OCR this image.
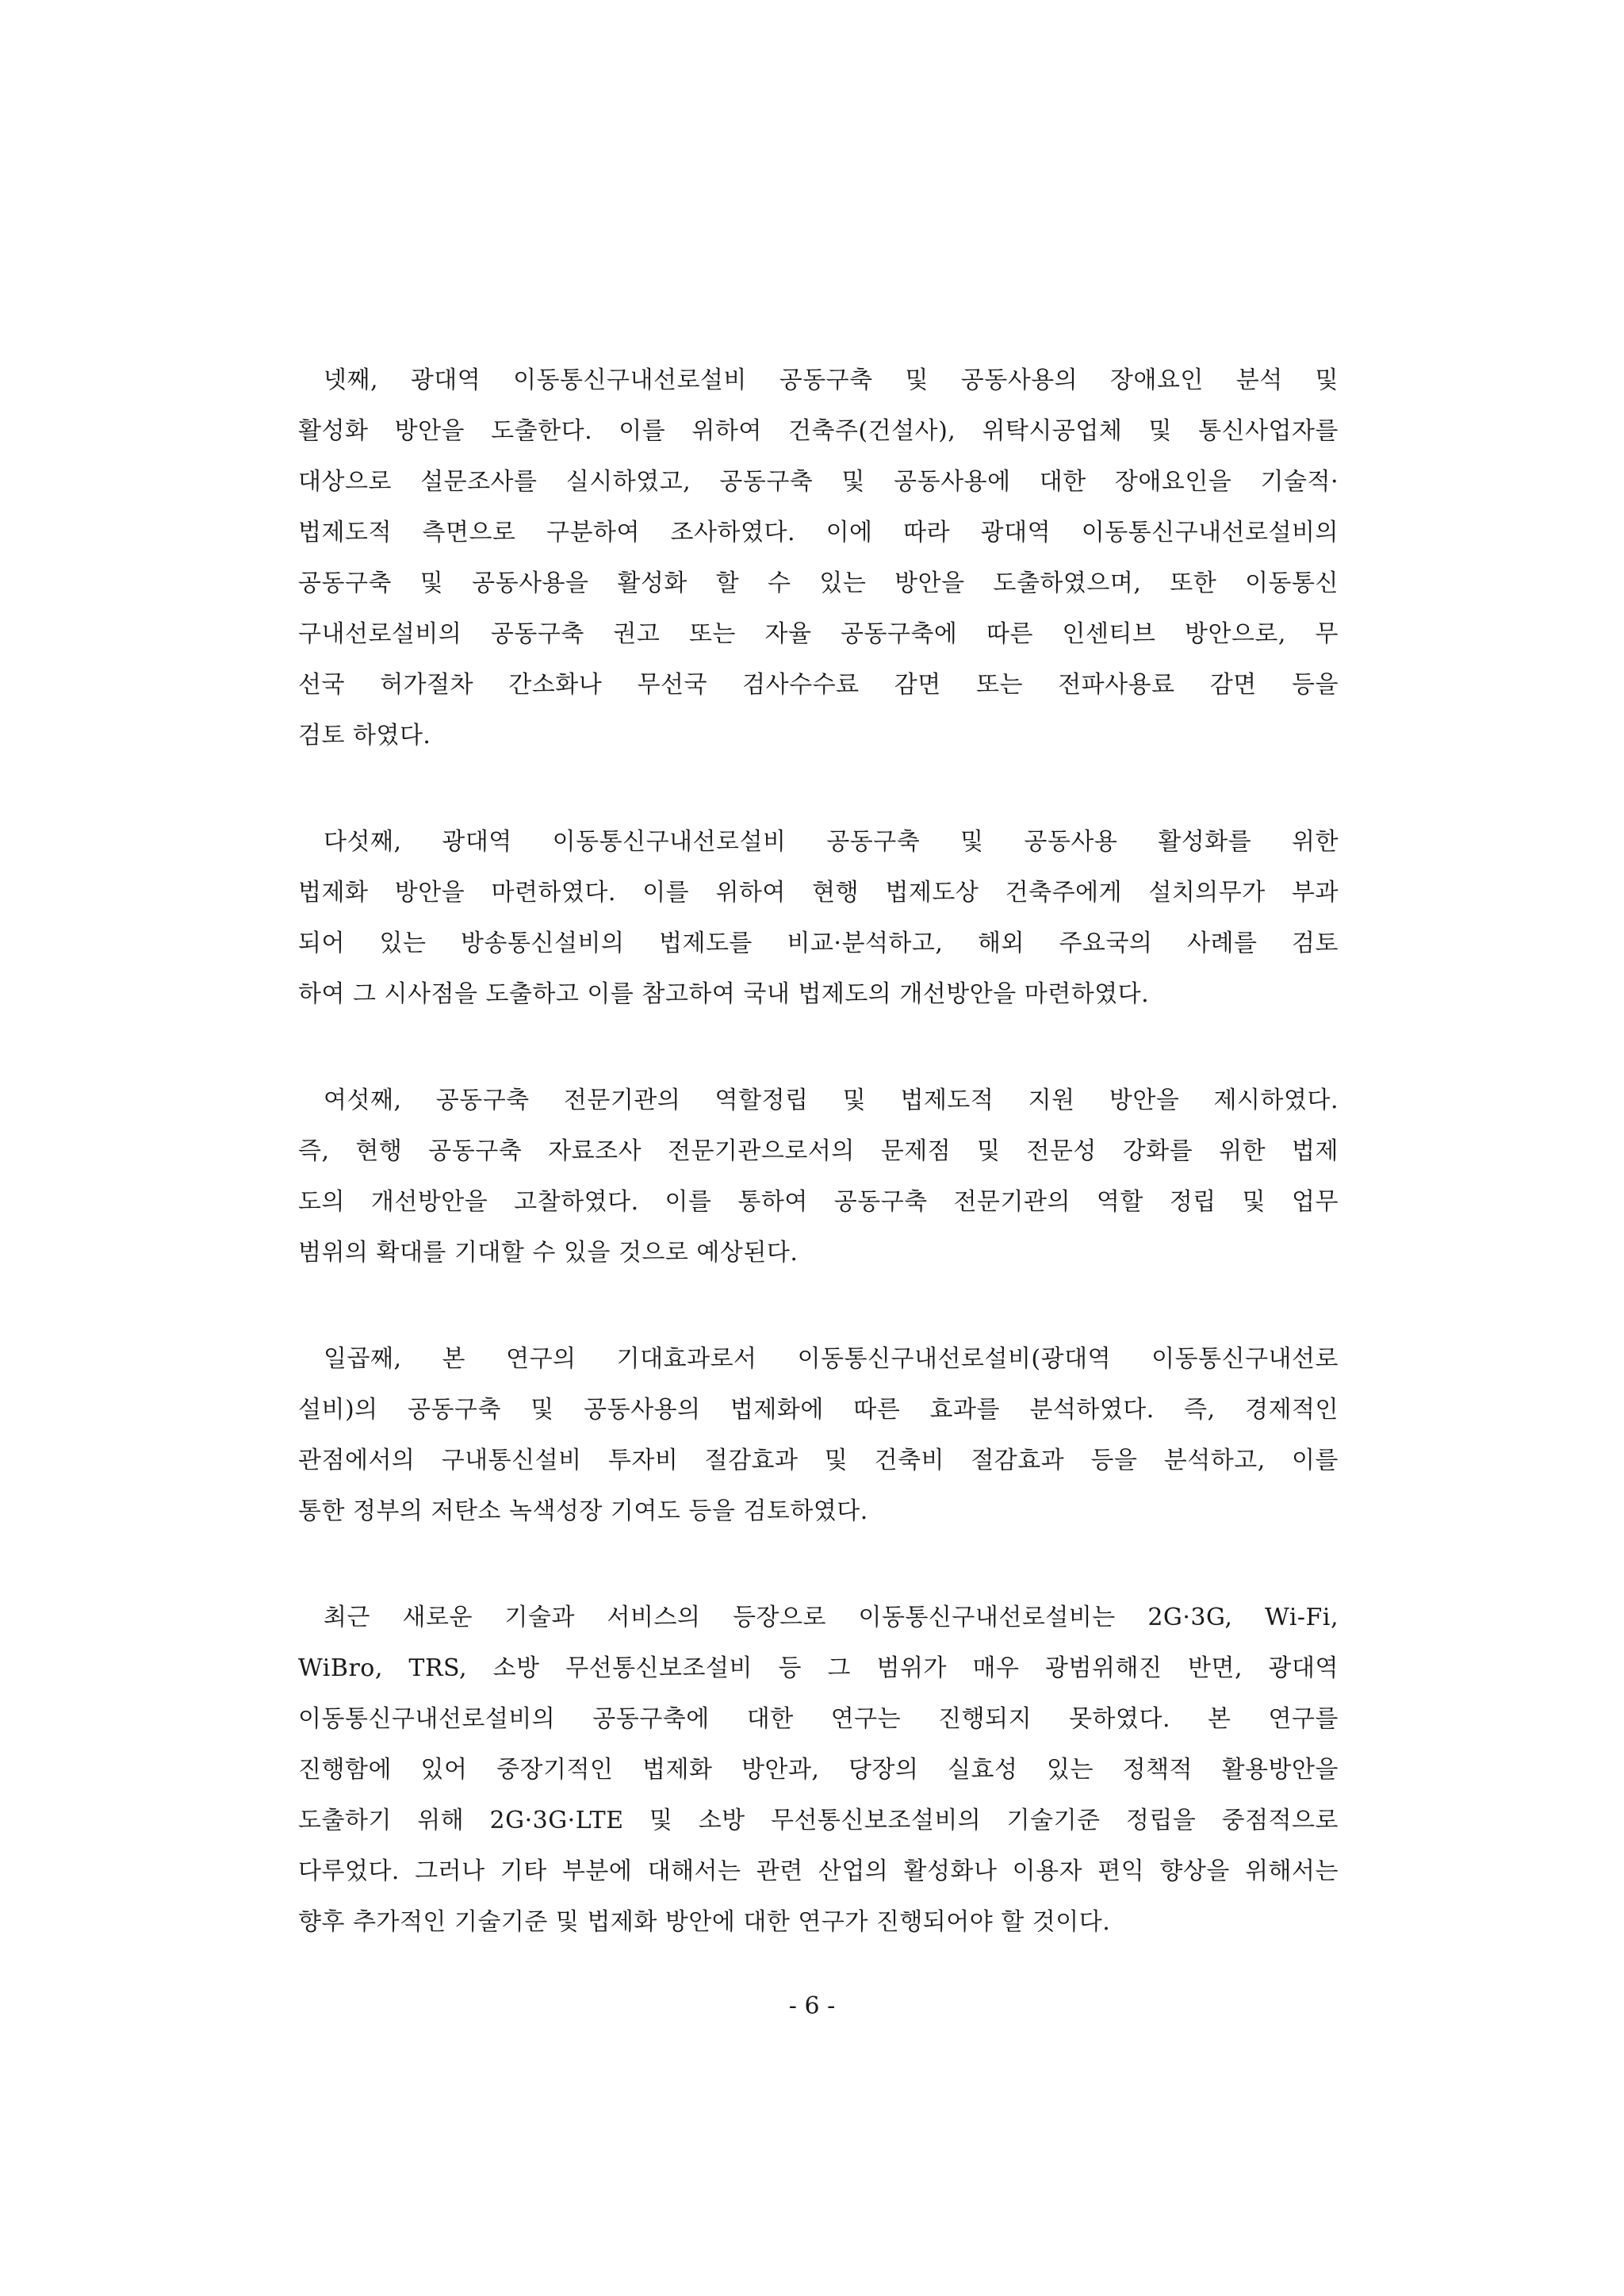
넷째, 광대역 이동통신구내선로설비 공동구축 및 공동사용의 장애요인 분석 및
활성화 방안을 도출한다. 이를 위하여 건축주(건설사), 위탁시공업체 및 통신사업자를
대상으로 설문조사를 실시하였고, 공동구축 및 공동사용에 대한 장애요인을 기술적·
법제도적 측면으로 구분하여 조사하였다. 이에 따라 광대역 이동통신구내선로설비의
공동구축 및 공동사용을 활성화 할 수 있는 방안을 도출하였으며, 또한 이동통신
구내선로설비의 공동구축 권고 또는 자율 공동구축에 따른 인센티브 방안으로, 무
선국 허가절차 간소화나 무선국 검사수수료 감면 또는 전파사용료 감면 등을
검토 하였다.
다섯째, 광대역 이동통신구내선로설비 공동구축 및 공동사용 활성화를 위한
법제화 방안을 마련하였다. 이를 위하여 현행 법제도상 건축주에게 설치의무가 부과
되어 있는 방송통신설비의 법제도를 비교·분석하고, 해외 주요국의 사례를 검토
하여 그 시사점을 도출하고 이를 참고하여 국내 법제도의 개선방안을 마련하였다.
여섯째, 공동구축 전문기관의 역할정립 및 법제도적 지원 방안을 제시하였다.
즉, 현행 공동구축 자료조사 전문기관으로서의 문제점 및 전문성 강화를 위한 법제
도의 개선방안을 고찰하였다. 이를 통하여 공동구축 전문기관의 역할 정립 및 업무
범위의 확대를 기대할 수 있을 것으로 예상된다.
일곱째, 본 연구의 기대효과로서 이동통신구내선로설비(광대역 이동통신구내선로
설비)의 공동구축 및 공동사용의 법제화에 따른 효과를 분석하였다. 즉, 경제적인
관점에서의 구내통신설비 투자비 절감효과 및 건축비 절감효과 등을 분석하고, 이를
통한 정부의 저탄소 녹색성장 기여도 등을 검토하였다.
최근 새로운 기술과 서비스의 등장으로 이동통신구내선로설비는 2G·3G, Wi-Fi,
WiBro, TRS, 소방 무선통신보조설비 등 그 범위가 매우 광범위해진 반면, 광대역
이동통신구내선로설비의 공동구축에 대한 연구는 진행되지 못하였다. 본 연구를
진행함에 있어 중장기적인 법제화 방안과, 당장의 실효성 있는 정책적 활용방안을
도출하기 위해 2G·3G·LTE 및 소방 무선통신보조설비의 기술기준 정립을 중점적으로
다루었다. 그러나 기타 부분에 대해서는 관련 산업의 활성화나 이용자 편익 향상을 위해서는
향후 추가적인 기술기준 및 법제화 방안에 대한 연구가 진행되어야 할 것이다.
- 6 -
